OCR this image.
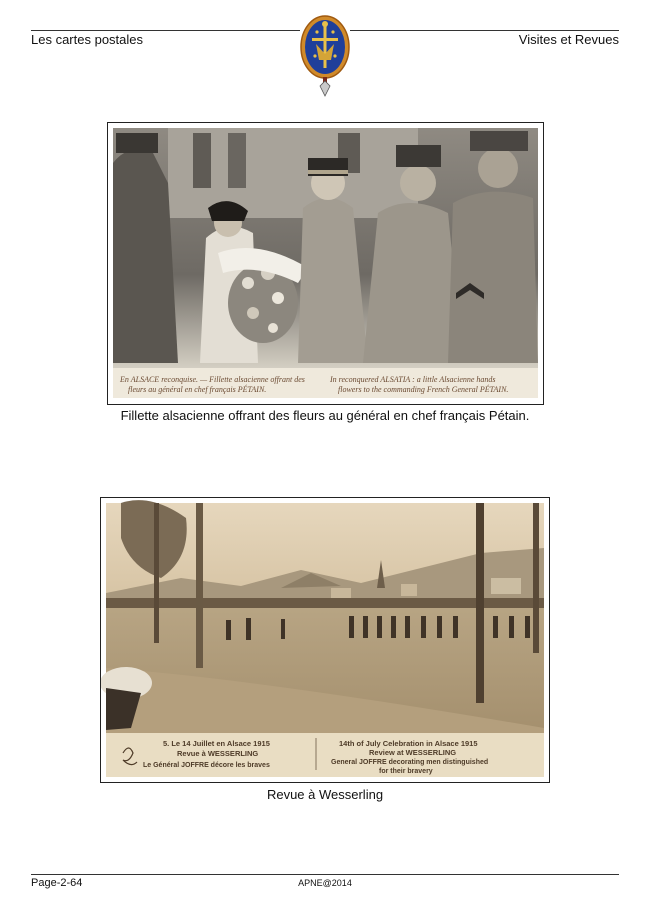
Les cartes postales	Visites et Revues
En ALSACE reconquise. — Fillette alsacienne offrant des
fleurs au général en chef français PÉTAIN.
In reconquered ALSATIA : a little Alsacienne hands
flowers to the commanding French General PÉTAIN.
Fillette alsacienne offrant des fleurs au général en chef français Pétain.
5. Le 14 Juillet en Alsace 1915
Revue à WESSERLING
Le Général JOFFRE décore les braves
14th of July Celebration in Alsace 1915
Review at WESSERLING
General JOFFRE decorating men distinguished
for their bravery
Revue à Wesserling
Page-2-64	APNE@2014
